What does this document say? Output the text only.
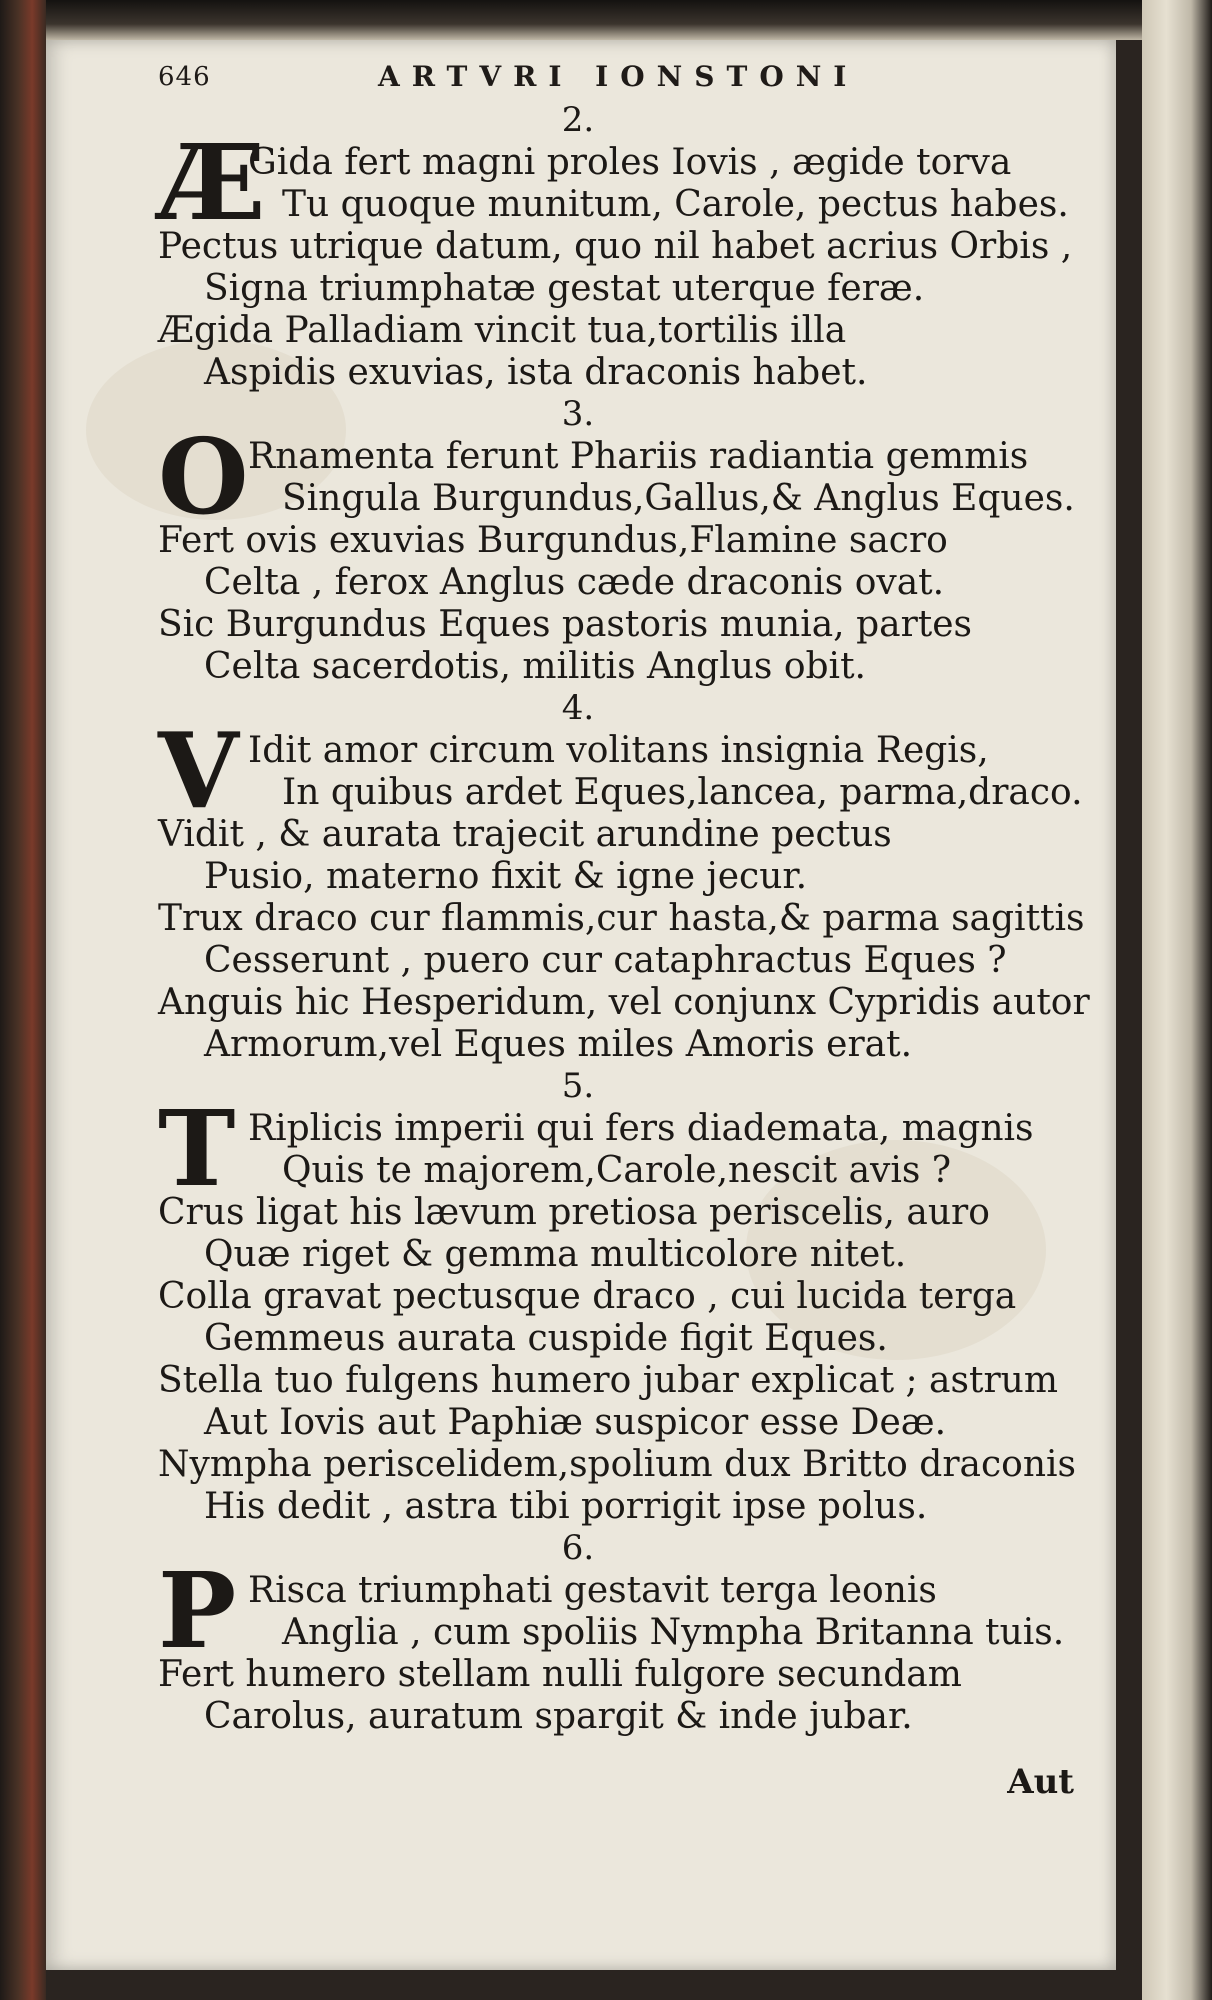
646	ARTVRI IONSTONI
2.
Æ
Gida fert magni proles Iovis , ægide torva
Tu quoque munitum, Carole, pectus habes.
Pectus utrique datum, quo nil habet acrius Orbis ,
Signa triumphatæ gestat uterque feræ.
Ægida Palladiam vincit tua,tortilis illa
Aspidis exuvias, ista draconis habet.
3.
O Rnamenta ferunt Phariis radiantia gemmis
Singula Burgundus,Gallus,& Anglus Eques.
Fert ovis exuvias Burgundus,Flamine sacro
Celta , ferox Anglus cæde draconis ovat.
Sic Burgundus Eques pastoris munia, partes
Celta sacerdotis, militis Anglus obit.
4.
V Idit amor circum volitans insignia Regis,
In quibus ardet Eques,lancea, parma,draco.
Vidit , & aurata trajecit arundine pectus
Pusio, materno fixit & igne jecur.
Trux draco cur flammis,cur hasta,& parma sagittis
Cesserunt , puero cur cataphractus Eques ?
Anguis hic Hesperidum, vel conjunx Cypridis autor
Armorum,vel Eques miles Amoris erat.
5.
T Riplicis imperii qui fers diademata, magnis
Quis te majorem,Carole,nescit avis ?
Crus ligat his lævum pretiosa periscelis, auro
Quæ riget & gemma multicolore nitet.
Colla gravat pectusque draco , cui lucida terga
Gemmeus aurata cuspide figit Eques.
Stella tuo fulgens humero jubar explicat ; astrum
Aut Iovis aut Paphiæ suspicor esse Deæ.
Nympha periscelidem,spolium dux Britto draconis
His dedit , astra tibi porrigit ipse polus.
6.
P Risca triumphati gestavit terga leonis
Anglia , cum spoliis Nympha Britanna tuis.
Fert humero stellam nulli fulgore secundam
Carolus, auratum spargit & inde jubar.
Aut
